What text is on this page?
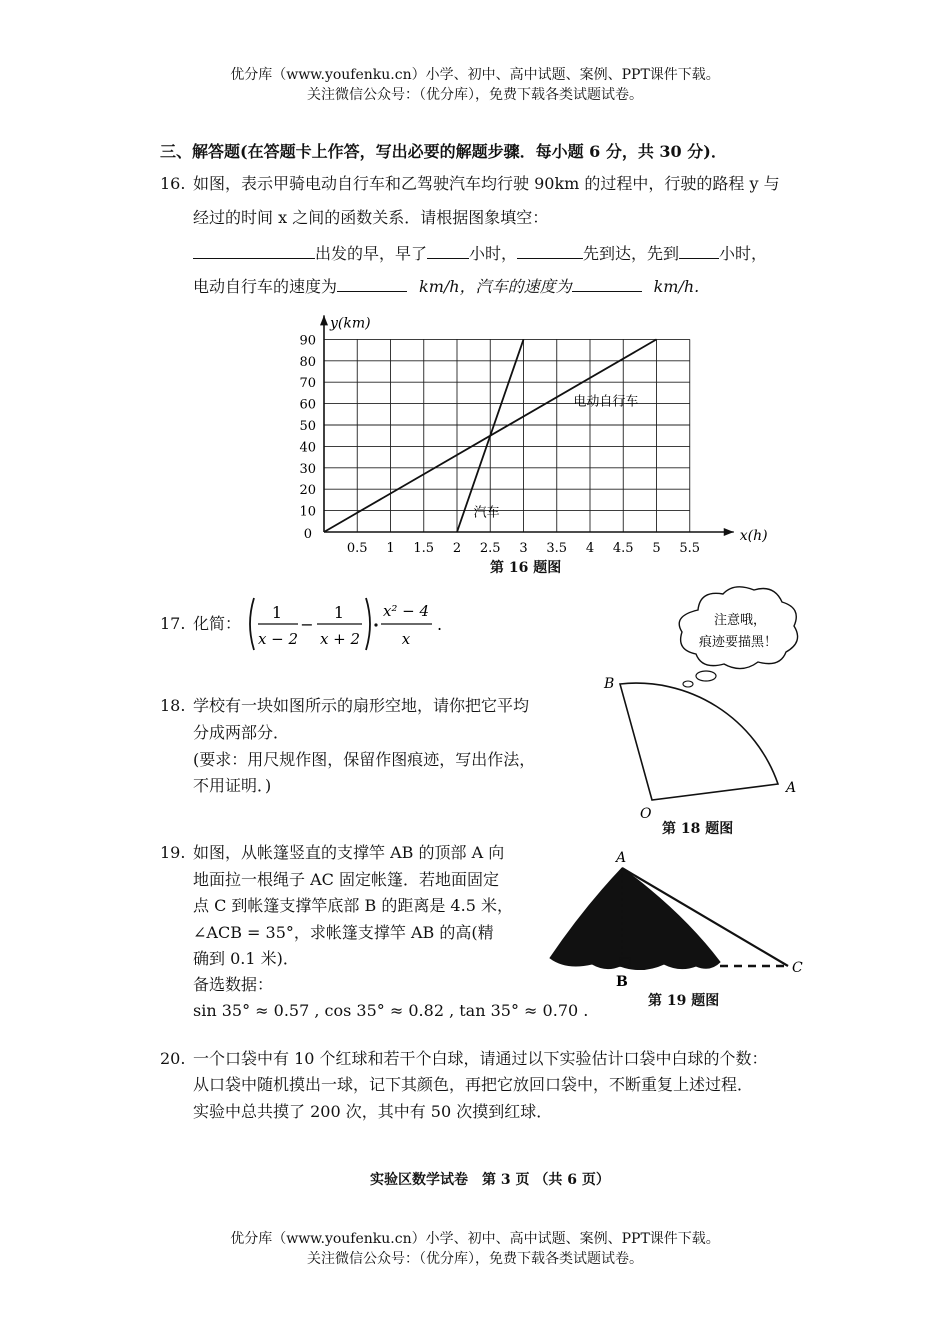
优分库（www.youfenku.cn）小学、初中、高中试题、案例、PPT课件下载。
关注微信公众号：（优分库），免费下载各类试题试卷。
三、解答题(在答题卡上作答，写出必要的解题步骤．每小题 6 分，共 30 分)．
16. 如图，表示甲骑电动自行车和乙驾驶汽车均行驶 90km 的过程中，行驶的路程 y 与
经过的时间 x 之间的函数关系．请根据图象填空：
出发的早，早了	小时，	先到达，先到	小时，
电动自行车的速度为	km/h，汽车的速度为	km/h.
0.5 1 1.5 2 2.5 3 3.5 4 4.5 5 5.5
10
20
30
40
50
60
70
80
90
0	x(h)
y(km)
电动自行车
汽车
第 16 题图
17. 化简：
1
x − 2
−
1
x + 2
x² − 4
x
.	注意哦，
痕迹要描黑！
18. 学校有一块如图所示的扇形空地，请你把它平均
分成两部分．
(要求：用尺规作图，保留作图痕迹，写出作法，
不用证明．)
B
A
O
第 18 题图
19. 如图，从帐篷竖直的支撑竿 AB 的顶部 A 向
地面拉一根绳子 AC 固定帐篷．若地面固定
点 C 到帐篷支撑竿底部 B 的距离是 4.5 米，
∠ACB = 35°，求帐篷支撑竿 AB 的高(精
确到 0.1 米)．
备选数据：
sin 35° ≈ 0.57 , cos 35° ≈ 0.82 , tan 35° ≈ 0.70 .
A
B
C
第 19 题图
20. 一个口袋中有 10 个红球和若干个白球，请通过以下实验估计口袋中白球的个数：
从口袋中随机摸出一球，记下其颜色，再把它放回口袋中，不断重复上述过程．
实验中总共摸了 200 次，其中有 50 次摸到红球．
实验区数学试卷　第 3 页 （共 6 页）
优分库（www.youfenku.cn）小学、初中、高中试题、案例、PPT课件下载。
关注微信公众号：（优分库），免费下载各类试题试卷。
